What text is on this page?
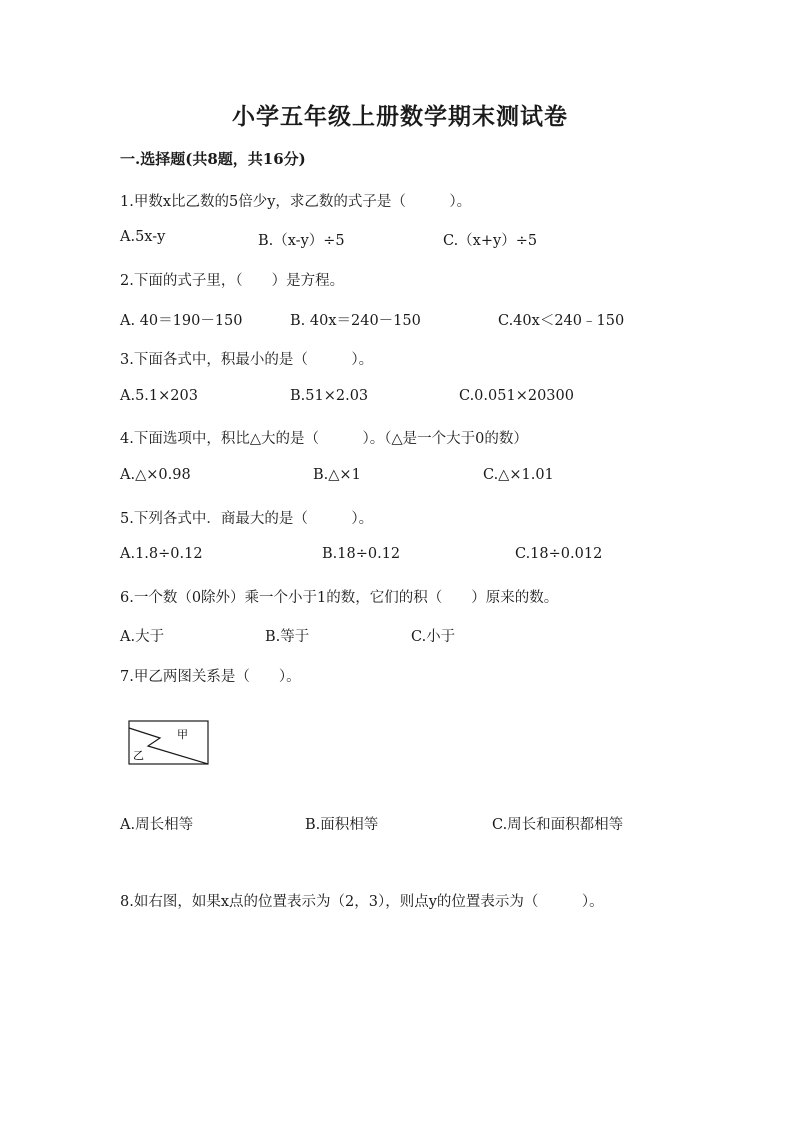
小学五年级上册数学期末测试卷
一.选择题(共8题，共16分)
1.甲数x比乙数的5倍少y，求乙数的式子是（　　　）。
A.5x-y	B.（x-y）÷5	C.（x+y）÷5
2.下面的式子里，（　　）是方程。
A. 40＝190－150	B. 40x＝240－150	C.40x＜240﹣150
3.下面各式中，积最小的是（　　　）。
A.5.1×203	B.51×2.03	C.0.051×20300
4.下面选项中，积比△大的是（　　　）。（△是一个大于0的数）
A.△×0.98	B.△×1	C.△×1.01
5.下列各式中．商最大的是（　　　）。
A.1.8÷0.12	B.18÷0.12	C.18÷0.012
6.一个数（0除外）乘一个小于1的数，它们的积（　　）原来的数。
A.大于	B.等于	C.小于
7.甲乙两图关系是（　　）。
甲
乙
A.周长相等	B.面积相等	C.周长和面积都相等
8.如右图，如果x点的位置表示为（2，3），则点y的位置表示为（　　　）。
